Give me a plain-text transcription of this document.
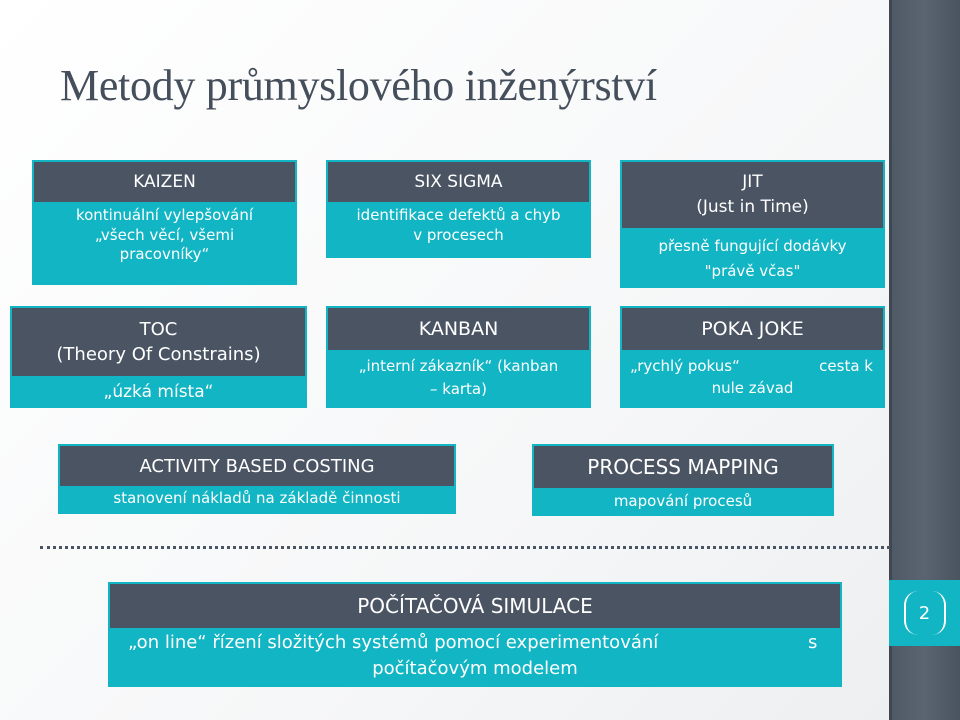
2
Metody průmyslového inženýrství
KAIZEN
kontinuální vylepšování
„všech věcí, všemi
pracovníky“
SIX SIGMA
identifikace defektů a chyb
v procesech
JIT
(Just in Time)
přesně fungující dodávky
"právě včas"
TOC
(Theory Of Constrains)
„úzká místa“
KANBAN
„interní zákazník“ (kanban
– karta)
POKA JOKE
„rychlý pokus“	cesta k
nule závad
ACTIVITY BASED COSTING
stanovení nákladů na základě činnosti
PROCESS MAPPING
mapování procesů
POČÍTAČOVÁ SIMULACE
„on line“ řízení složitých systémů pomocí experimentování	s
počítačovým modelem
